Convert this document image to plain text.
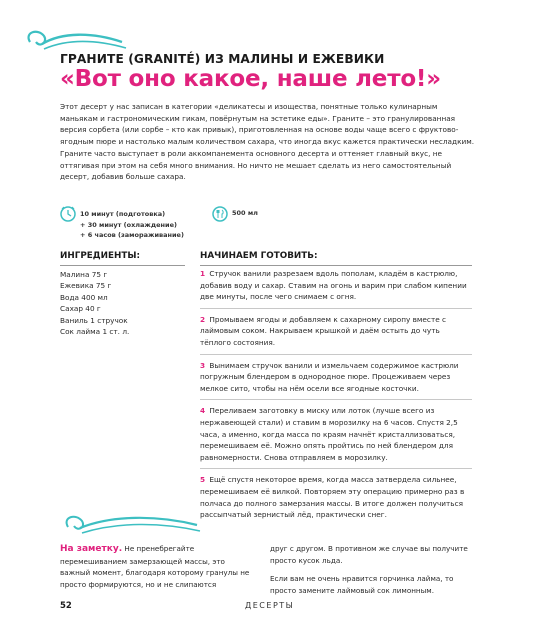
ГРАНИТЕ (GRANITÉ) ИЗ МАЛИНЫ И ЕЖЕВИКИ
«Вот оно какое, наше лето!»
Этот десерт у нас записан в категории «деликатесы и изощества, понятные только кулинарным маньякам и гастрономическим гикам, повёрнутым на эстетике еды». Граните – это гранулированная версия сорбета (или сорбе – кто как привык), приготовленная на основе воды чаще всего с фруктово-ягодным пюре и настолько малым количеством сахара, что иногда вкус кажется практически несладким. Граните часто выступает в роли аккомпанемента основного десерта и оттеняет главный вкус, не оттягивая при этом на себя много внимания. Но ничто не мешает сделать из него самостоятельный десерт, добавив больше сахара.
10 минут (подготовка)
+ 30 минут (охлаждение)
+ 6 часов (замораживание)
500 мл
ИНГРЕДИЕНТЫ:
Малина 75 г
Ежевика 75 г
Вода 400 мл
Сахар 40 г
Ваниль 1 стручок
Сок лайма 1 ст. л.
НАЧИНАЕМ ГОТОВИТЬ:
1 Стручок ванили разрезаем вдоль пополам, кладём в кастрюлю, добавив воду и сахар. Ставим на огонь и варим при слабом кипении две минуты, после чего снимаем с огня.
2 Промываем ягоды и добавляем к сахарному сиропу вместе с лаймовым соком. Накрываем крышкой и даём остыть до чуть тёплого состояния.
3 Вынимаем стручок ванили и измельчаем содержимое кастрюли погружным блендером в однородное пюре. Процеживаем через мелкое сито, чтобы на нём осели все ягодные косточки.
4 Переливаем заготовку в миску или лоток (лучше всего из нержавеющей стали) и ставим в морозилку на 6 часов. Спустя 2,5 часа, а именно, когда масса по краям начнёт кристаллизоваться, перемешиваем её. Можно опять пройтись по ней блендером для равномерности. Снова отправляем в морозилку.
5 Ещё спустя некоторое время, когда масса затвердела сильнее, перемешиваем её вилкой. Повторяем эту операцию примерно раз в полчаса до полного замерзания массы. В итоге должен получиться рассыпчатый зернистый лёд, практически снег.
На заметку. Не пренебрегайте перемешиванием замерзающей массы, это важный момент, благодаря которому гранулы не просто формируются, но и не слипаются

друг с другом. В противном же случае вы получите просто кусок льда.

Если вам не очень нравится горчинка лайма, то просто замените лаймовый сок лимонным.

52	ДЕСЕРТЫ
